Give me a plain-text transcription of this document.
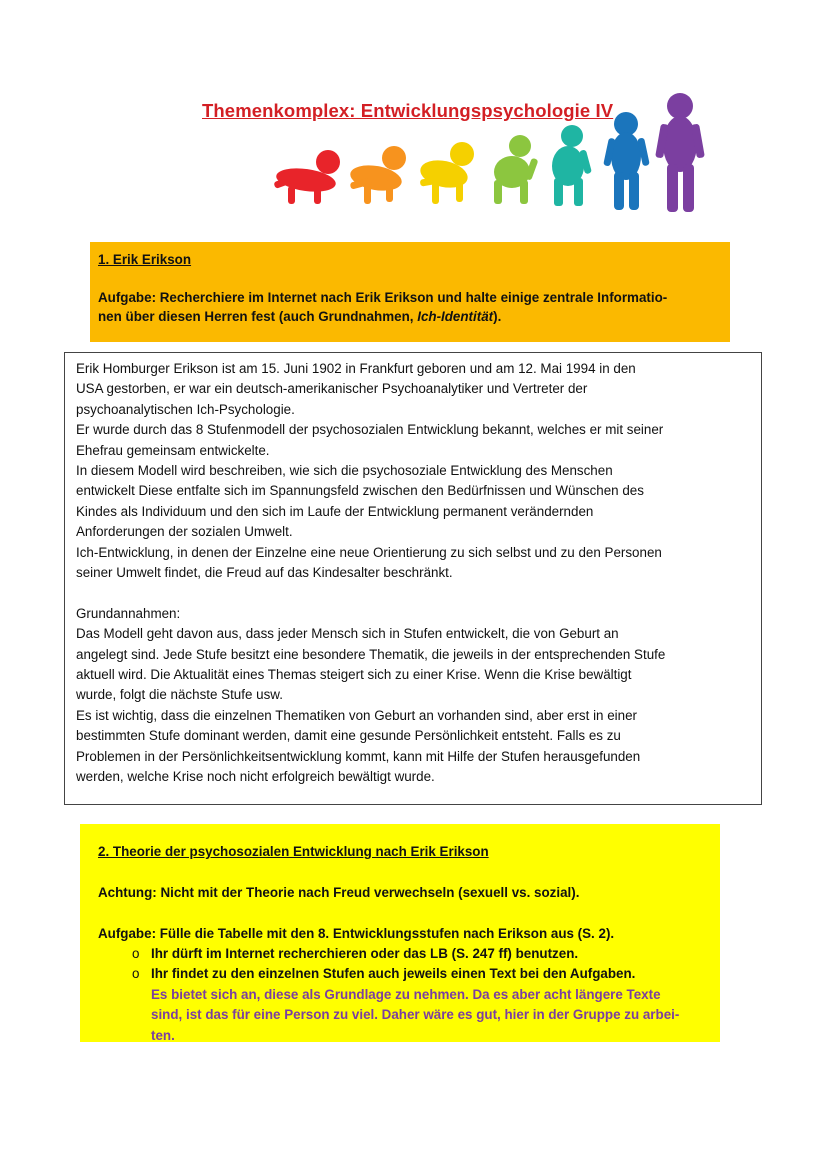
Themenkomplex: Entwicklungspsychologie IV
1. Erik Erikson
Aufgabe: Recherchiere im Internet nach Erik Erikson und halte einige zentrale Informatio-
nen über diesen Herren fest (auch Grundnahmen, Ich-Identität).

Erik Homburger Erikson ist am 15. Juni 1902 in Frankfurt geboren und am 12. Mai 1994 in den

USA gestorben, er war ein deutsch-amerikanischer Psychoanalytiker und Vertreter der

psychoanalytischen Ich-Psychologie.

Er wurde durch das 8 Stufenmodell der psychosozialen Entwicklung bekannt, welches er mit seiner

Ehefrau gemeinsam entwickelte.

In diesem Modell wird beschreiben, wie sich die psychosoziale Entwicklung des Menschen

entwickelt Diese entfalte sich im Spannungsfeld zwischen den Bedürfnissen und Wünschen des

Kindes als Individuum und den sich im Laufe der Entwicklung permanent verändernden

Anforderungen der sozialen Umwelt.

Ich-Entwicklung, in denen der Einzelne eine neue Orientierung zu sich selbst und zu den Personen

seiner Umwelt findet, die Freud auf das Kindesalter beschränkt.

Grundannahmen:

Das Modell geht davon aus, dass jeder Mensch sich in Stufen entwickelt, die von Geburt an

angelegt sind. Jede Stufe besitzt eine besondere Thematik, die jeweils in der entsprechenden Stufe

aktuell wird. Die Aktualität eines Themas steigert sich zu einer Krise. Wenn die Krise bewältigt

wurde, folgt die nächste Stufe usw.

Es ist wichtig, dass die einzelnen Thematiken von Geburt an vorhanden sind, aber erst in einer

bestimmten Stufe dominant werden, damit eine gesunde Persönlichkeit entsteht. Falls es zu

Problemen in der Persönlichkeitsentwicklung kommt, kann mit Hilfe der Stufen herausgefunden

werden, welche Krise noch nicht erfolgreich bewältigt wurde.

2. Theorie der psychosozialen Entwicklung nach Erik Erikson
Achtung: Nicht mit der Theorie nach Freud verwechseln (sexuell vs. sozial).
Aufgabe: Fülle die Tabelle mit den 8. Entwicklungsstufen nach Erikson aus (S. 2).
o Ihr dürft im Internet recherchieren oder das LB (S. 247 ff) benutzen.
o Ihr findet zu den einzelnen Stufen auch jeweils einen Text bei den Aufgaben.
Es bietet sich an, diese als Grundlage zu nehmen. Da es aber acht längere Texte
sind, ist das für eine Person zu viel. Daher wäre es gut, hier in der Gruppe zu arbei-
ten.
